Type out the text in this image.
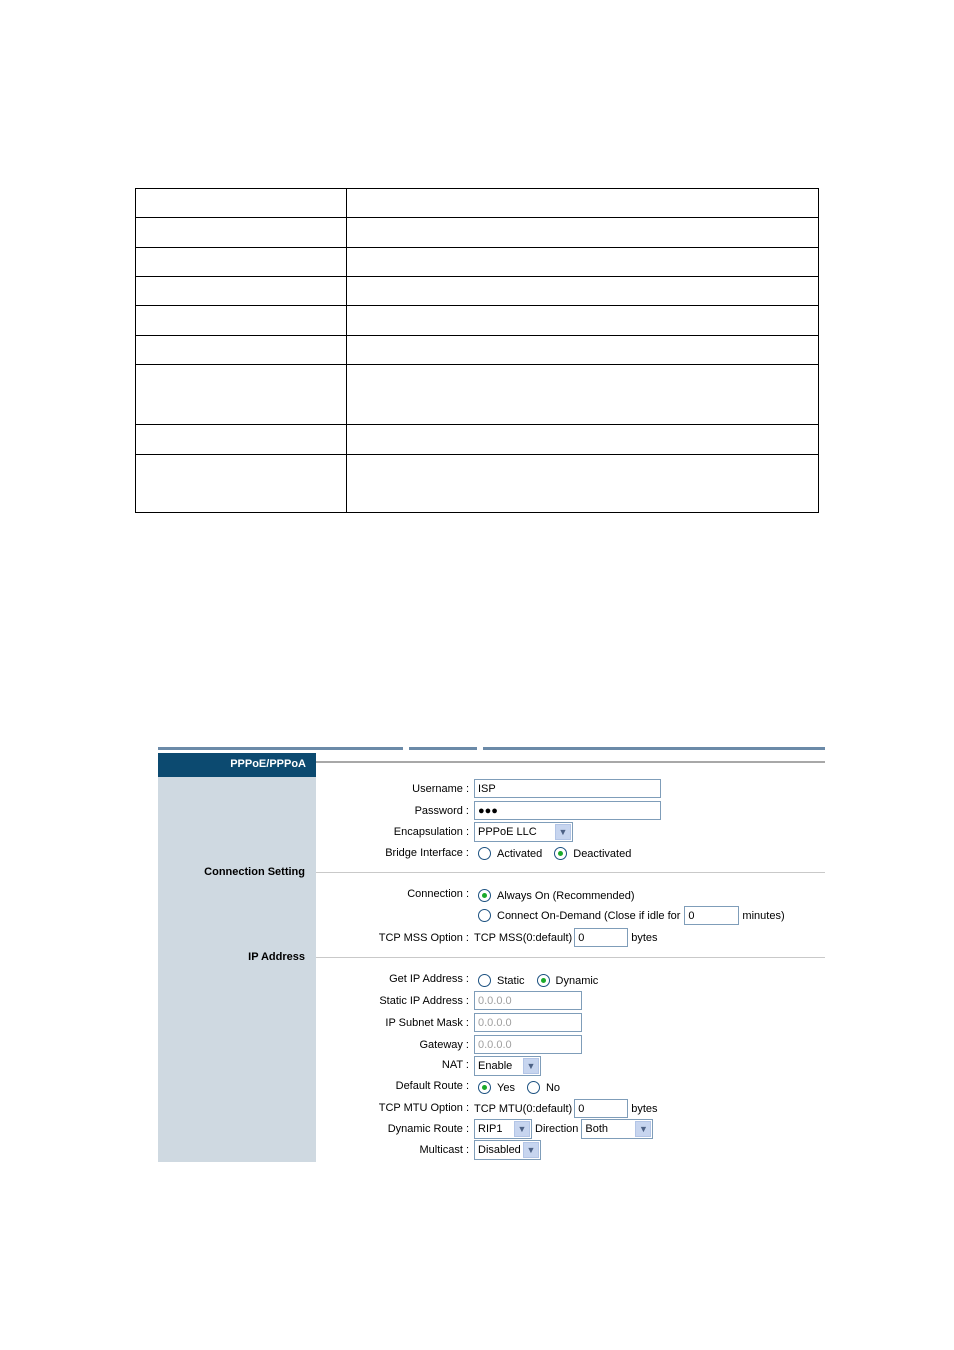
PPPoE/PPPoA
Connection Setting
IP Address
Username :
ISP
Password :
●●●
Encapsulation : PPPoE LLC	▼
Bridge Interface :	Activated	Deactivated
Connection :	Always On (Recommended)
Connect On-Demand (Close if idle for
0	minutes)
TCP MSS Option : TCP MSS(0:default)
0	bytes
Get IP Address :	Static	Dynamic
Static IP Address :
0.0.0.0
IP Subnet Mask :
0.0.0.0
Gateway :
0.0.0.0
NAT : Enable	▼
Default Route :	Yes	No
TCP MTU Option : TCP MTU(0:default)
0	bytes
Dynamic Route : RIP1	▼ Direction Both	▼
Multicast : Disabled ▼
